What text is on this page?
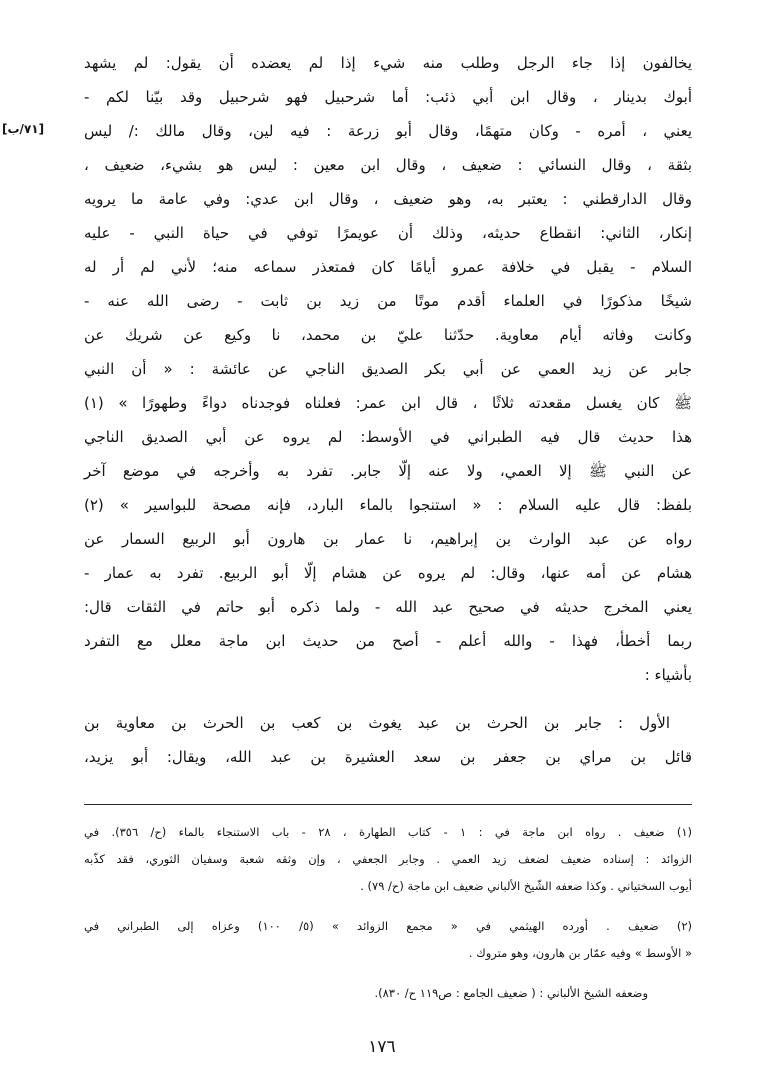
[٧١/ب]
يخالفون إذا جاء الرجل وطلب منه شيء إذا لم يعضده أن يقول: لم يشهد
أبوك بدينار ، وقال ابن أبي ذئب: أما شرحبيل فهو شرحبيل وقد بيّنا لكم -
يعني ، أمره - وكان متهمًا، وقال أبو زرعة : فيه لين، وقال مالك :/ ليس
بثقة ، وقال النسائي : ضعيف ، وقال ابن معين : ليس هو بشيء، ضعيف ،
وقال الدارقطني : يعتبر به، وهو ضعيف ، وقال ابن عدي: وفي عامة ما يرويه
إنكار، الثاني: انقطاع حديثه، وذلك أن عويمرًا توفي في حياة النبي - عليه
السلام - يقبل في خلافة عمرو أيامًا كان فمتعذر سماعه منه؛ لأني لم أر له
شيخًا مذكورًا في العلماء أقدم موتًا من زيد بن ثابت - رضى الله عنه -
وكانت وفاته أيام معاوية. حدّثنا عليّ بن محمد، نا وكيع عن شريك عن
جابر عن زيد العمي عن أبي بكر الصديق الناجي عن عائشة : « أن النبي
ﷺ كان يغسل مقعدته ثلاثًا ، قال ابن عمر: فعلناه فوجدناه دواءً وطهورًا » (١)
هذا حديث قال فيه الطبراني في الأوسط: لم يروه عن أبي الصديق الناجي
عن النبي ﷺ إلا العمي، ولا عنه إلّا جابر. تفرد به وأخرجه في موضع آخر
بلفظ: قال عليه السلام : « استنجوا بالماء البارد، فإنه مصحة للبواسير » (٢)
رواه عن عبد الوارث بن إبراهيم، نا عمار بن هارون أبو الربيع السمار عن
هشام عن أمه عنها، وقال: لم يروه عن هشام إلّا أبو الربيع. تفرد به عمار -
يعني المخرج حديثه في صحيح عبد الله - ولما ذكره أبو حاتم في الثقات قال:
ربما أخطأ، فهذا - والله أعلم - أصح من حديث ابن ماجة معلل مع التفرد
بأشياء :
الأول : جابر بن الحرث بن عبد يغوث بن كعب بن الحرث بن معاوية بن
قائل بن مراي بن جعفر بن سعد العشيرة بن عبد الله، ويقال: أبو يزيد،
(١) ضعيف . رواه ابن ماجة في : ١ - كتاب الطهارة ، ٢٨ - باب الاستنجاء بالماء (ح/ ٣٥٦). في
الزوائد : إسناده ضعيف لضعف زيد العمي . وجابر الجعفي ، وإن وثقه شعبة وسفيان الثوري، فقد كذّبه
أيوب السختياني . وكذا ضعفه الشّيخ الألباني ضعيف ابن ماجة (ح/ ٧٩) .
(٢) ضعيف . أورده الهيثمي في « مجمع الزوائد » (٥/ ١٠٠) وعزاه إلى الطبراني في
« الأوسط » وفيه عمّار بن هارون، وهو متروك .
وضعفه الشيخ الألباني : ( ضعيف الجامع : ص١١٩ ح/ ٨٣٠).
١٧٦
